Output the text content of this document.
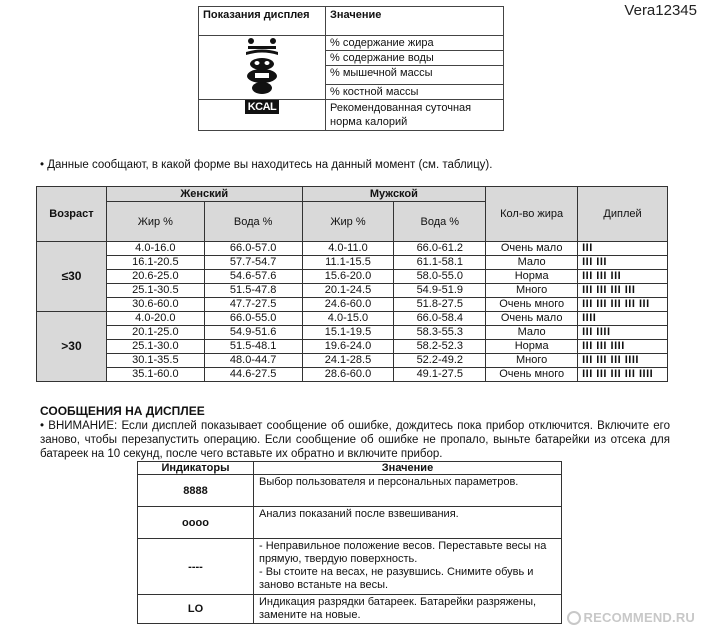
Vera12345
Показания дисплея	Значение
	% содержание жира
	% содержание воды
	% мышечной массы
	% костной массы
KCAL	Рекомендованная суточная норма калорий
• Данные сообщают, в какой форме вы находитесь на данный момент (см. таблицу).
Возраст	Женский		Мужской		Кол-во жира	Диплей
	Жир %	Вода %	Жир %	Вода %		
≤30	4.0-16.0	66.0-57.0	4.0-11.0	66.0-61.2	Очень мало	III
	16.1-20.5	57.7-54.7	11.1-15.5	61.1-58.1	Мало	III III
	20.6-25.0	54.6-57.6	15.6-20.0	58.0-55.0	Норма	III III III
	25.1-30.5	51.5-47.8	20.1-24.5	54.9-51.9	Много	III III III III
	30.6-60.0	47.7-27.5	24.6-60.0	51.8-27.5	Очень много	III III III III III
>30	4.0-20.0	66.0-55.0	4.0-15.0	66.0-58.4	Очень мало	IIII
	20.1-25.0	54.9-51.6	15.1-19.5	58.3-55.3	Мало	III IIII
	25.1-30.0	51.5-48.1	19.6-24.0	58.2-52.3	Норма	III III IIII
	30.1-35.5	48.0-44.7	24.1-28.5	52.2-49.2	Много	III III III IIII
	35.1-60.0	44.6-27.5	28.6-60.0	49.1-27.5	Очень много	III III III III IIII
СООБЩЕНИЯ НА ДИСПЛЕЕ
• ВНИМАНИЕ: Если дисплей показывает сообщение об ошибке, дождитесь пока прибор отключится. Включите его заново, чтобы перезапустить операцию. Если сообщение об ошибке не пропало, выньте батарейки из отсека для батареек на 10 секунд, после чего вставьте их обратно и включите прибор.
Индикаторы	Значение
8888	Выбор пользователя и персональных параметров.
oooo	Анализ показаний после взвешивания.
----	- Неправильное положение весов. Переставьте весы на прямую, твердую поверхность.
- Вы стоите на весах, не разувшись. Снимите обувь и заново встаньте на весы.
LO	Индикация разрядки батареек. Батарейки разряжены, замените на новые.	RECOMMEND.RU
